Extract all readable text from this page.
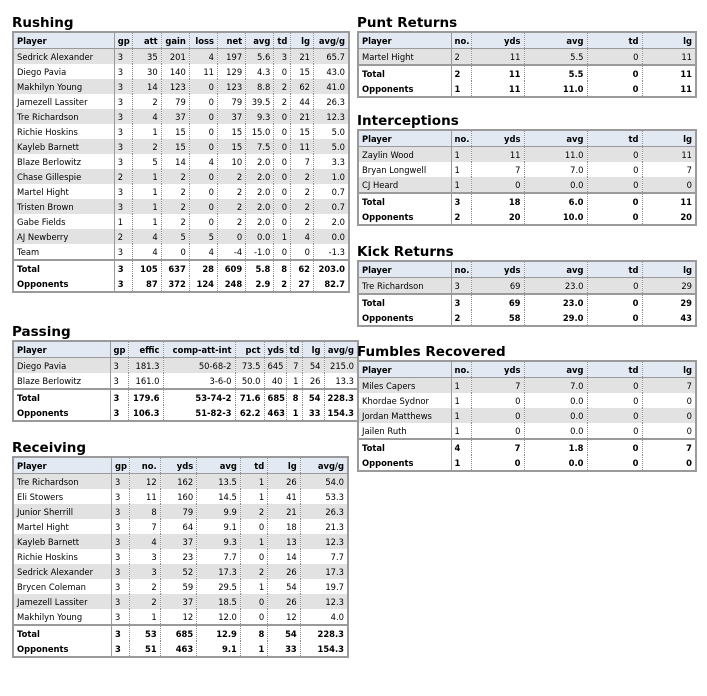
Rushing
Player	gp	att	gain	loss	net	avg	td	lg	avg/g
Sedrick Alexander	3	35	201	4	197	5.6	3	21	65.7
Diego Pavia	3	30	140	11	129	4.3	0	15	43.0
Makhilyn Young	3	14	123	0	123	8.8	2	62	41.0
Jamezell Lassiter	3	2	79	0	79	39.5	2	44	26.3
Tre Richardson	3	4	37	0	37	9.3	0	21	12.3
Richie Hoskins	3	1	15	0	15	15.0	0	15	5.0
Kayleb Barnett	3	2	15	0	15	7.5	0	11	5.0
Blaze Berlowitz	3	5	14	4	10	2.0	0	7	3.3
Chase Gillespie	2	1	2	0	2	2.0	0	2	1.0
Martel Hight	3	1	2	0	2	2.0	0	2	0.7
Tristen Brown	3	1	2	0	2	2.0	0	2	0.7
Gabe Fields	1	1	2	0	2	2.0	0	2	2.0
AJ Newberry	2	4	5	5	0	0.0	1	4	0.0
Team	3	4	0	4	-4	-1.0	0	0	-1.3
Total	3	105	637	28	609	5.8	8	62	203.0
Opponents	3	87	372	124	248	2.9	2	27	82.7
Passing
Player	gp	effic	comp-att-int	pct	yds	td	lg	avg/g
Diego Pavia	3	181.3	50-68-2	73.5	645	7	54	215.0
Blaze Berlowitz	3	161.0	3-6-0	50.0	40	1	26	13.3
Total	3	179.6	53-74-2	71.6	685	8	54	228.3
Opponents	3	106.3	51-82-3	62.2	463	1	33	154.3
Receiving
Player	gp	no.	yds	avg	td	lg	avg/g
Tre Richardson	3	12	162	13.5	1	26	54.0
Eli Stowers	3	11	160	14.5	1	41	53.3
Junior Sherrill	3	8	79	9.9	2	21	26.3
Martel Hight	3	7	64	9.1	0	18	21.3
Kayleb Barnett	3	4	37	9.3	1	13	12.3
Richie Hoskins	3	3	23	7.7	0	14	7.7
Sedrick Alexander	3	3	52	17.3	2	26	17.3
Brycen Coleman	3	2	59	29.5	1	54	19.7
Jamezell Lassiter	3	2	37	18.5	0	26	12.3
Makhilyn Young	3	1	12	12.0	0	12	4.0
Total	3	53	685	12.9	8	54	228.3
Opponents	3	51	463	9.1	1	33	154.3
Punt Returns
Player	no.	yds	avg	td	lg
Martel Hight	2	11	5.5	0	11
Total	2	11	5.5	0	11
Opponents	1	11	11.0	0	11
Interceptions
Player	no.	yds	avg	td	lg
Zaylin Wood	1	11	11.0	0	11
Bryan Longwell	1	7	7.0	0	7
CJ Heard	1	0	0.0	0	0
Total	3	18	6.0	0	11
Opponents	2	20	10.0	0	20
Kick Returns
Player	no.	yds	avg	td	lg
Tre Richardson	3	69	23.0	0	29
Total	3	69	23.0	0	29
Opponents	2	58	29.0	0	43
Fumbles Recovered
Player	no.	yds	avg	td	lg
Miles Capers	1	7	7.0	0	7
Khordae Sydnor	1	0	0.0	0	0
Jordan Matthews	1	0	0.0	0	0
Jailen Ruth	1	0	0.0	0	0
Total	4	7	1.8	0	7
Opponents	1	0	0.0	0	0
